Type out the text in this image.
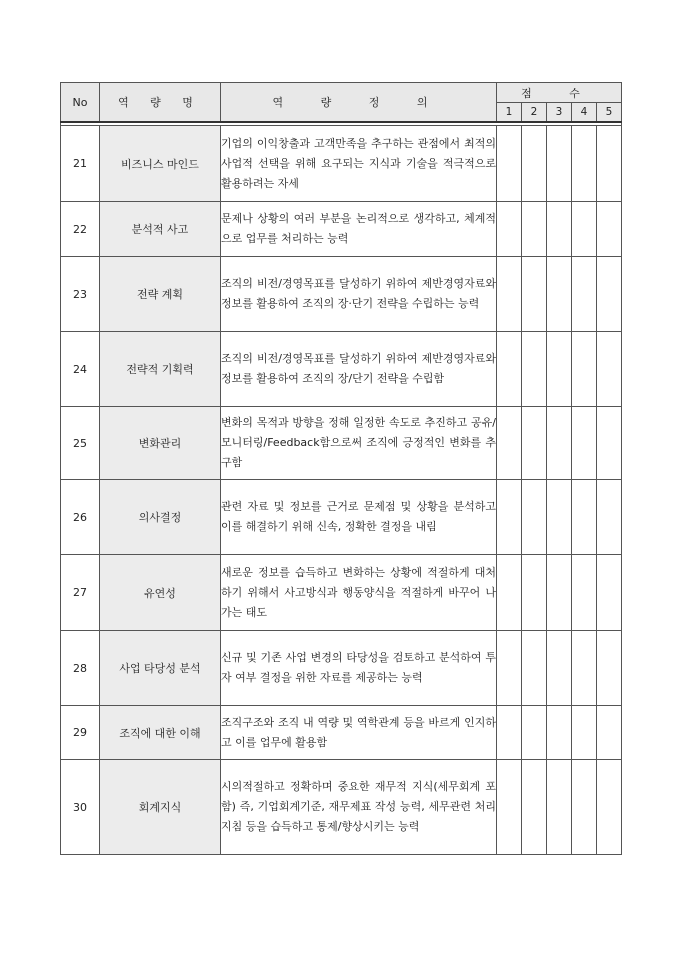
No	역 량 명	역 량 정 의	점 수				
			1	2	3	4	5

21	비즈니스 마인드	기업의 이익창출과 고객만족을 추구하는 관점에서 최적의 사업적 선택을 위해 요구되는 지식과 기술을 적극적으로 활용하려는 자세					
22	분석적 사고	문제나 상황의 여러 부분을 논리적으로 생각하고, 체계적으로 업무를 처리하는 능력					
23	전략 계획	조직의 비전/경영목표를 달성하기 위하여 제반경영자료와 정보를 활용하여 조직의 장·단기 전략을 수립하는 능력					
24	전략적 기획력	조직의 비전/경영목표를 달성하기 위하여 제반경영자료와 정보를 활용하여 조직의 장/단기 전략을 수립함					
25	변화관리	변화의 목적과 방향을 정해 일정한 속도로 추진하고 공유/모니터링/Feedback함으로써 조직에 긍정적인 변화를 추구함					
26	의사결정	관련 자료 및 정보를 근거로 문제점 및 상황을 분석하고 이를 해결하기 위해 신속, 정확한 결정을 내림					
27	유연성	새로운 정보를 습득하고 변화하는 상황에 적절하게 대처하기 위해서 사고방식과 행동양식을 적절하게 바꾸어 나가는 태도					
28	사업 타당성 분석	신규 및 기존 사업 변경의 타당성을 검토하고 분석하여 투자 여부 결정을 위한 자료를 제공하는 능력					
29	조직에 대한 이해	조직구조와 조직 내 역량 및 역학관계 등을 바르게 인지하고 이를 업무에 활용함					
30	회계지식	시의적절하고 정확하며 중요한 재무적 지식(세무회계 포함) 즉, 기업회계기준, 재무제표 작성 능력, 세무관련 처리 지침 등을 습득하고 통제/향상시키는 능력					
